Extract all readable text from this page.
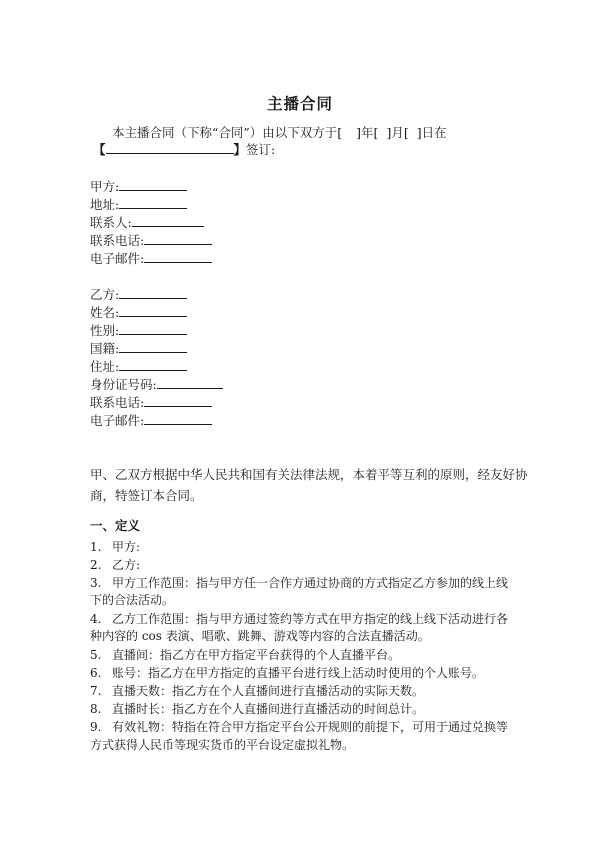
主播合同
本主播合同（下称“合同”）由以下双方于[ ]年[ ]月[ ]日在
【	】签订:
甲方:
地址:
联系人:
联系电话:
电子邮件:
乙方:
姓名:
性别:
国籍:
住址:
身份证号码:
联系电话:
电子邮件:
甲、乙双方根据中华人民共和国有关法律法规，本着平等互利的原则，经友好协
商，特签订本合同。
一、定义
1. 甲方:
2. 乙方:
3. 甲方工作范围：指与甲方任一合作方通过协商的方式指定乙方参加的线上线
下的合法活动。
4. 乙方工作范围：指与甲方通过签约等方式在甲方指定的线上线下活动进行各
种内容的 cos 表演、唱歌、跳舞、游戏等内容的合法直播活动。
5. 直播间：指乙方在甲方指定平台获得的个人直播平台。
6. 账号：指乙方在甲方指定的直播平台进行线上活动时使用的个人账号。
7. 直播天数：指乙方在个人直播间进行直播活动的实际天数。
8. 直播时长：指乙方在个人直播间进行直播活动的时间总计。
9. 有效礼物：特指在符合甲方指定平台公开规则的前提下，可用于通过兑换等
方式获得人民币等现实货币的平台设定虚拟礼物。
